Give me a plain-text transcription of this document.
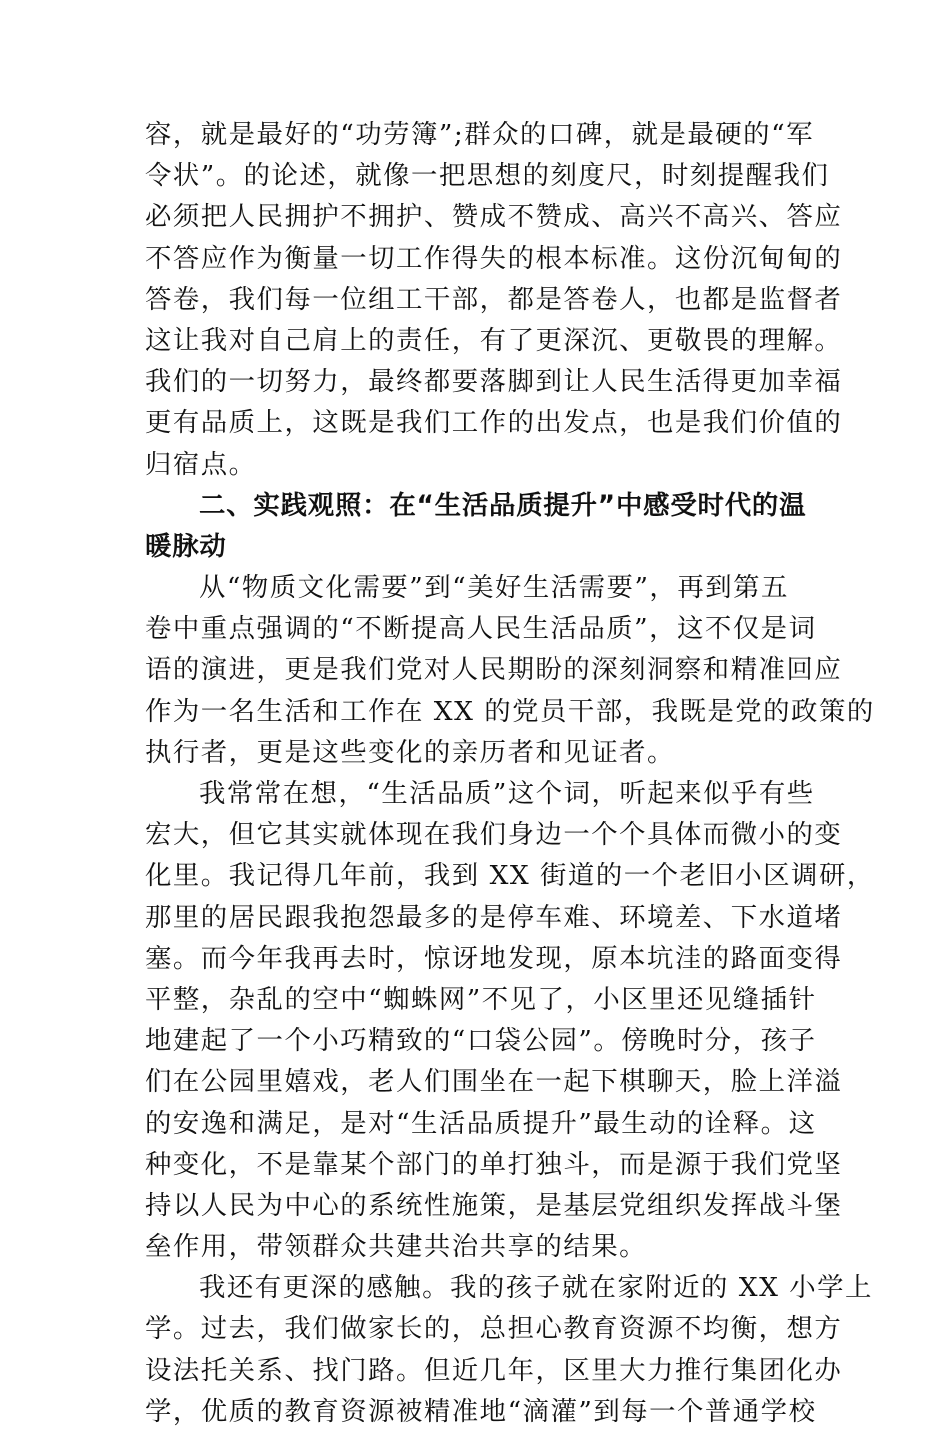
容，就是最好的“功劳簿”;群众的口碑，就是最硬的“军
令状”。的论述，就像一把思想的刻度尺，时刻提醒我们
必须把人民拥护不拥护、赞成不赞成、高兴不高兴、答应
不答应作为衡量一切工作得失的根本标准。这份沉甸甸的
答卷，我们每一位组工干部，都是答卷人，也都是监督者
这让我对自己肩上的责任，有了更深沉、更敬畏的理解。
我们的一切努力，最终都要落脚到让人民生活得更加幸福
更有品质上，这既是我们工作的出发点，也是我们价值的
归宿点。
二、实践观照：在“生活品质提升”中感受时代的温
暖脉动
从“物质文化需要”到“美好生活需要”，再到第五
卷中重点强调的“不断提高人民生活品质”，这不仅是词
语的演进，更是我们党对人民期盼的深刻洞察和精准回应
作为一名生活和工作在 XX 的党员干部，我既是党的政策的
执行者，更是这些变化的亲历者和见证者。
我常常在想，“生活品质”这个词，听起来似乎有些
宏大，但它其实就体现在我们身边一个个具体而微小的变
化里。我记得几年前，我到 XX 街道的一个老旧小区调研，
那里的居民跟我抱怨最多的是停车难、环境差、下水道堵
塞。而今年我再去时，惊讶地发现，原本坑洼的路面变得
平整，杂乱的空中“蜘蛛网”不见了，小区里还见缝插针
地建起了一个小巧精致的“口袋公园”。傍晚时分，孩子
们在公园里嬉戏，老人们围坐在一起下棋聊天，脸上洋溢
的安逸和满足，是对“生活品质提升”最生动的诠释。这
种变化，不是靠某个部门的单打独斗，而是源于我们党坚
持以人民为中心的系统性施策，是基层党组织发挥战斗堡
垒作用，带领群众共建共治共享的结果。
我还有更深的感触。我的孩子就在家附近的 XX 小学上
学。过去，我们做家长的，总担心教育资源不均衡，想方
设法托关系、找门路。但近几年，区里大力推行集团化办
学，优质的教育资源被精准地“滴灌”到每一个普通学校
